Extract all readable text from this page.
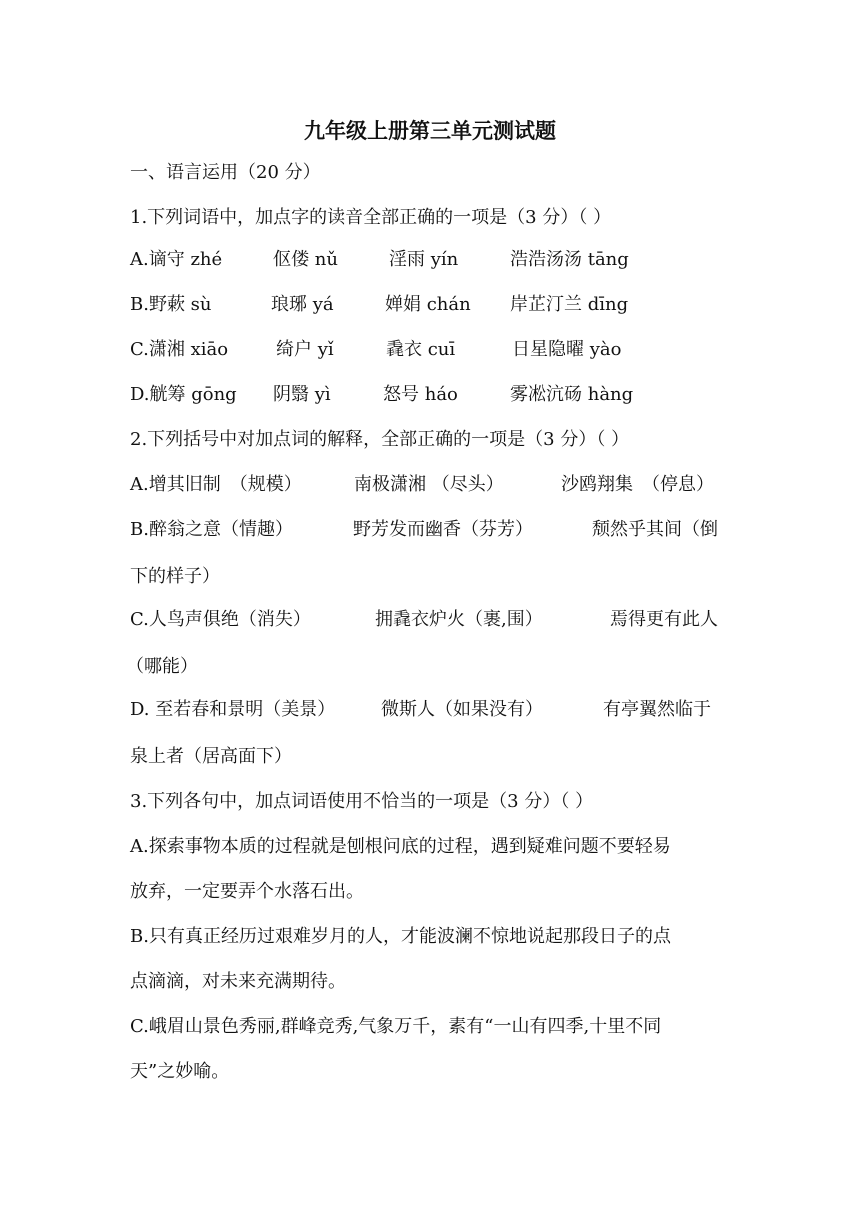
九年级上册第三单元测试题
一、语言运用（20 分）
1.下列词语中，加点字的读音全部正确的一项是（3 分）（ ）
A.谪守 zhé	伛偻 nǔ	淫雨 yín	浩浩汤汤 tāng
B.野蔌 sù	琅琊 yá	婵娟 chán 岸芷汀兰 dīng
C.潇湘 xiāo	绮户 yǐ	毳衣 cuī	日星隐曜 yào
D.觥筹 gōng 阴翳 yì	怒号 háo	雾凇沆砀 hàng
2.下列括号中对加点词的解释，全部正确的一项是（3 分）（ ）
A.增其旧制　（规模）	南极潇湘 （尽头）	沙鸥翔集　（停息）
B.醉翁之意（情趣）	野芳发而幽香（芬芳）	颓然乎其间（倒
下的样子）
C.人鸟声俱绝（消失）	拥毳衣炉火（裹,围）	焉得更有此人
（哪能）
D. 至若春和景明（美景）	微斯人（如果没有）	有亭翼然临于
泉上者（居高面下）
3.下列各句中，加点词语使用不恰当的一项是（3 分）（ ）
A.探索事物本质的过程就是刨根问底的过程，遇到疑难问题不要轻易
放弃，一定要弄个水落石出。
B.只有真正经历过艰难岁月的人，才能波澜不惊地说起那段日子的点
点滴滴，对未来充满期待。
C.峨眉山景色秀丽,群峰竞秀,气象万千，素有“一山有四季,十里不同
天”之妙喻。
